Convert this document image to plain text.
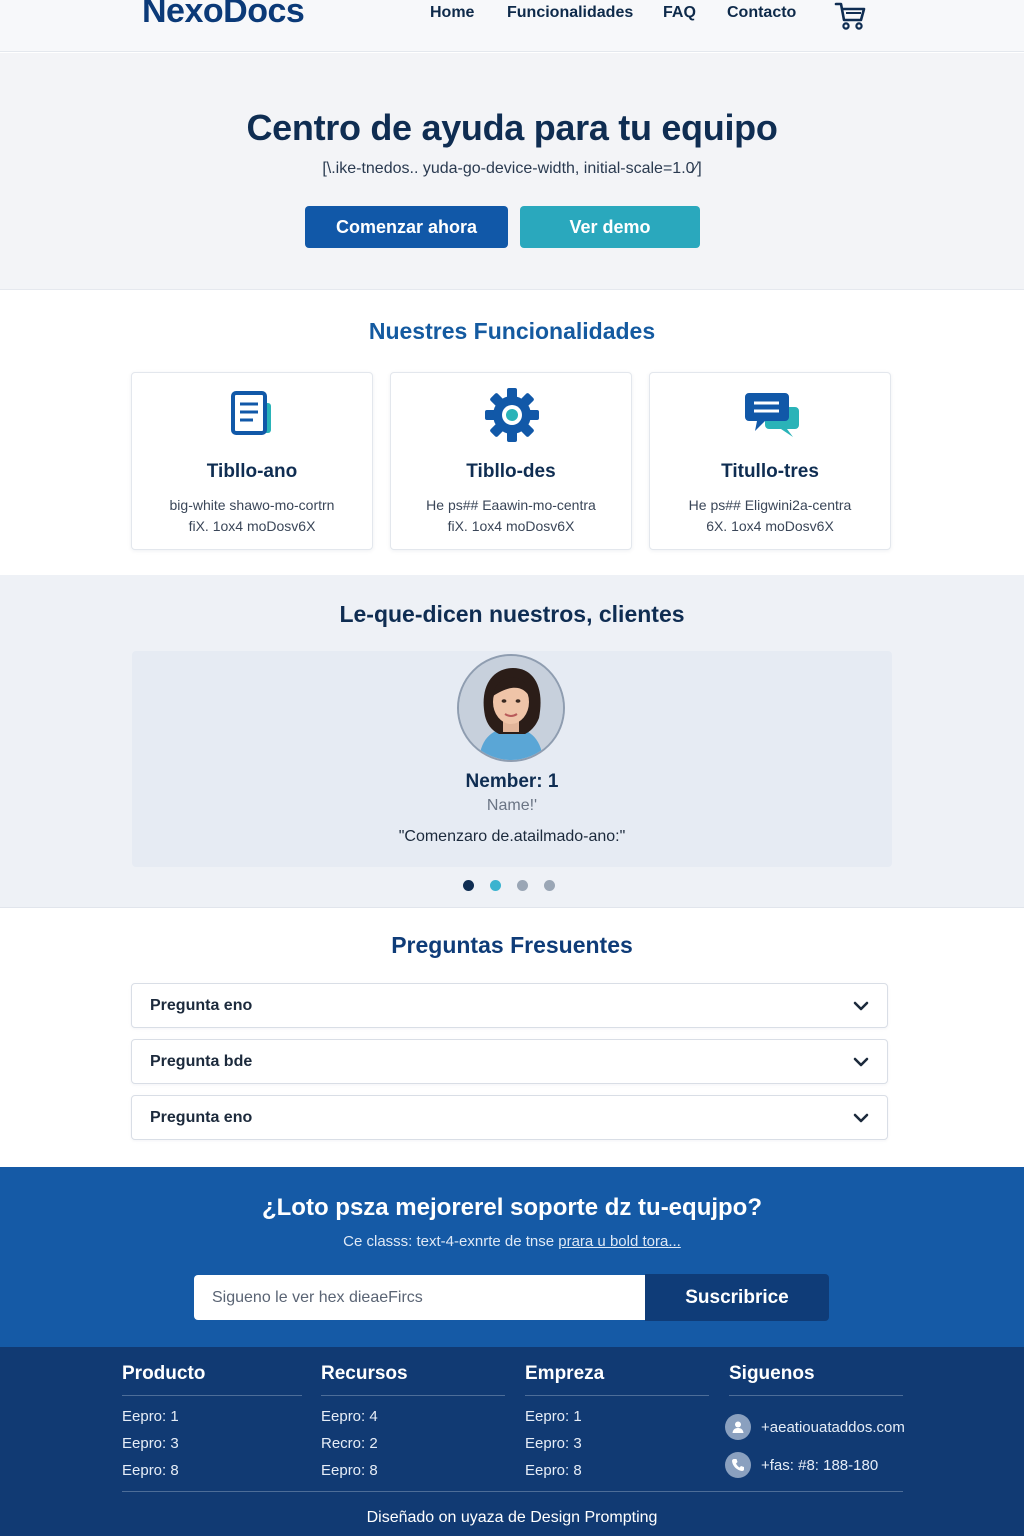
NexoDocs	Home Funcionalidades FAQ Contacto
Centro de ayuda para tu equipo

[\.ike-tnedos.. yuda-go-device-width, initial-scale=1.0⁄]

Comenzar ahora	Ver demo
Nuestres Funcionalidades
Tibllo-ano
big-white shawo-mo-cortrn
fiX. 1ox4 moDosv6X
Tibllo-des
He ps## Eaawin-mo-centra
fiX. 1ox4 moDosv6X
Titullo-tres
He ps## Eligwini2a-centra
6X. 1ox4 moDosv6X
Le-que-dicen nuestros, clientes
Nember: 1
Name!'
"Comenzaro de.atailmado-ano:"
Preguntas Fresuentes
Pregunta eno
Pregunta bde
Pregunta eno
¿Loto psza mejorerel soporte dz tu-equjpo?

Ce classs: text-4-exnrte de tnse prara u bold tora...

Sigueno le ver hex dieaeFircs
Suscribrice
Producto
Eepro: 1
Eepro: 3
Eepro: 8
Recursos
Eepro: 4
Recro: 2
Eepro: 8
Empreza
Eepro: 1
Eepro: 3
Eepro: 8
Siguenos
+aeatiouataddos.com
+fas: #8: 188-180
Diseñado on uyaza de Design Prompting
